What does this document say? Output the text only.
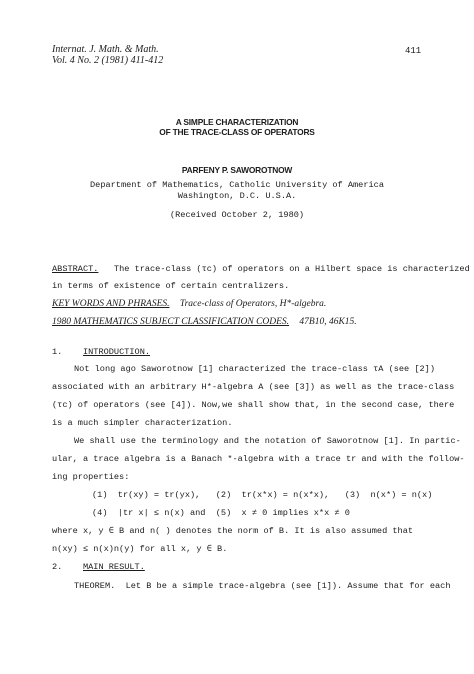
Internat. J. Math. & Math.
Vol. 4 No. 2 (1981) 411-412
411
A SIMPLE CHARACTERIZATION
OF THE TRACE-CLASS OF OPERATORS
PARFENY P. SAWOROTNOW
Department of Mathematics, Catholic University of America
Washington, D.C. U.S.A.
(Received October 2, 1980)
ABSTRACT. The trace-class (τc) of operators on a Hilbert space is characterized
in terms of existence of certain centralizers.
KEY WORDS AND PHRASES. Trace-class of Operators, H*-algebra.
1980 MATHEMATICS SUBJECT CLASSIFICATION CODES. 47B10, 46K15.
1. INTRODUCTION.
Not long ago Saworotnow [1] characterized the trace-class τA (see [2])
associated with an arbitrary H*-algebra A (see [3]) as well as the trace-class
(τc) of operators (see [4]). Now,we shall show that, in the second case, there
is a much simpler characterization.
We shall use the terminology and the notation of Saworotnow [1]. In partic-
ular, a trace algebra is a Banach *-algebra with a trace tr and with the follow-
ing properties:
(1)  tr(xy) = tr(yx),   (2)  tr(x*x) = n(x*x),   (3)  n(x*) = n(x)
(4)  |tr x| ≤ n(x) and  (5)  x ≠ 0 implies x*x ≠ 0
where x, y ∈ B and n( ) denotes the norm of B. It is also assumed that
n(xy) ≤ n(x)n(y) for all x, y ∈ B.
2. MAIN RESULT.
THEOREM. Let B be a simple trace-algebra (see [1]). Assume that for each
